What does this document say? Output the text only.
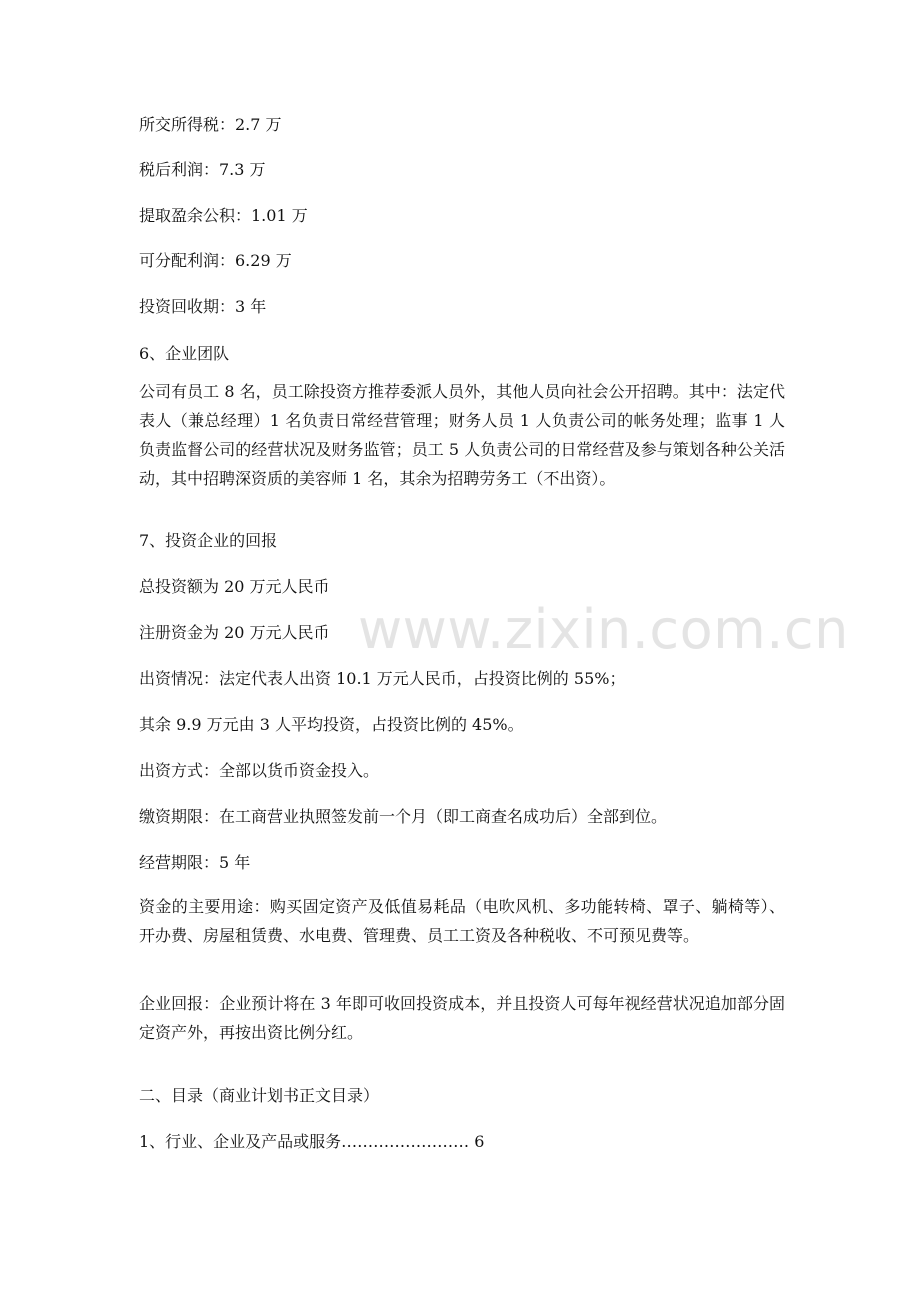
www.zixin.com.cn
所交所得税：2.7 万
税后利润：7.3 万
提取盈余公积：1.01 万
可分配利润：6.29 万
投资回收期：3 年
6、企业团队
公司有员工 8 名，员工除投资方推荐委派人员外，其他人员向社会公开招聘。其中：法定代表人（兼总经理）1 名负责日常经营管理；财务人员 1 人负责公司的帐务处理；监事 1 人负责监督公司的经营状况及财务监管；员工 5 人负责公司的日常经营及参与策划各种公关活动，其中招聘深资质的美容师 1 名，其余为招聘劳务工（不出资）。
7、投资企业的回报
总投资额为 20 万元人民币
注册资金为 20 万元人民币
出资情况：法定代表人出资 10.1 万元人民币，占投资比例的 55%；
其余 9.9 万元由 3 人平均投资，占投资比例的 45%。
出资方式：全部以货币资金投入。
缴资期限：在工商营业执照签发前一个月（即工商查名成功后）全部到位。
经营期限：5 年
资金的主要用途：购买固定资产及低值易耗品（电吹风机、多功能转椅、罩子、躺椅等）、开办费、房屋租赁费、水电费、管理费、员工工资及各种税收、不可预见费等。
企业回报：企业预计将在 3 年即可收回投资成本，并且投资人可每年视经营状况追加部分固定资产外，再按出资比例分红。
二、目录（商业计划书正文目录）
1、行业、企业及产品或服务…………………… 6
